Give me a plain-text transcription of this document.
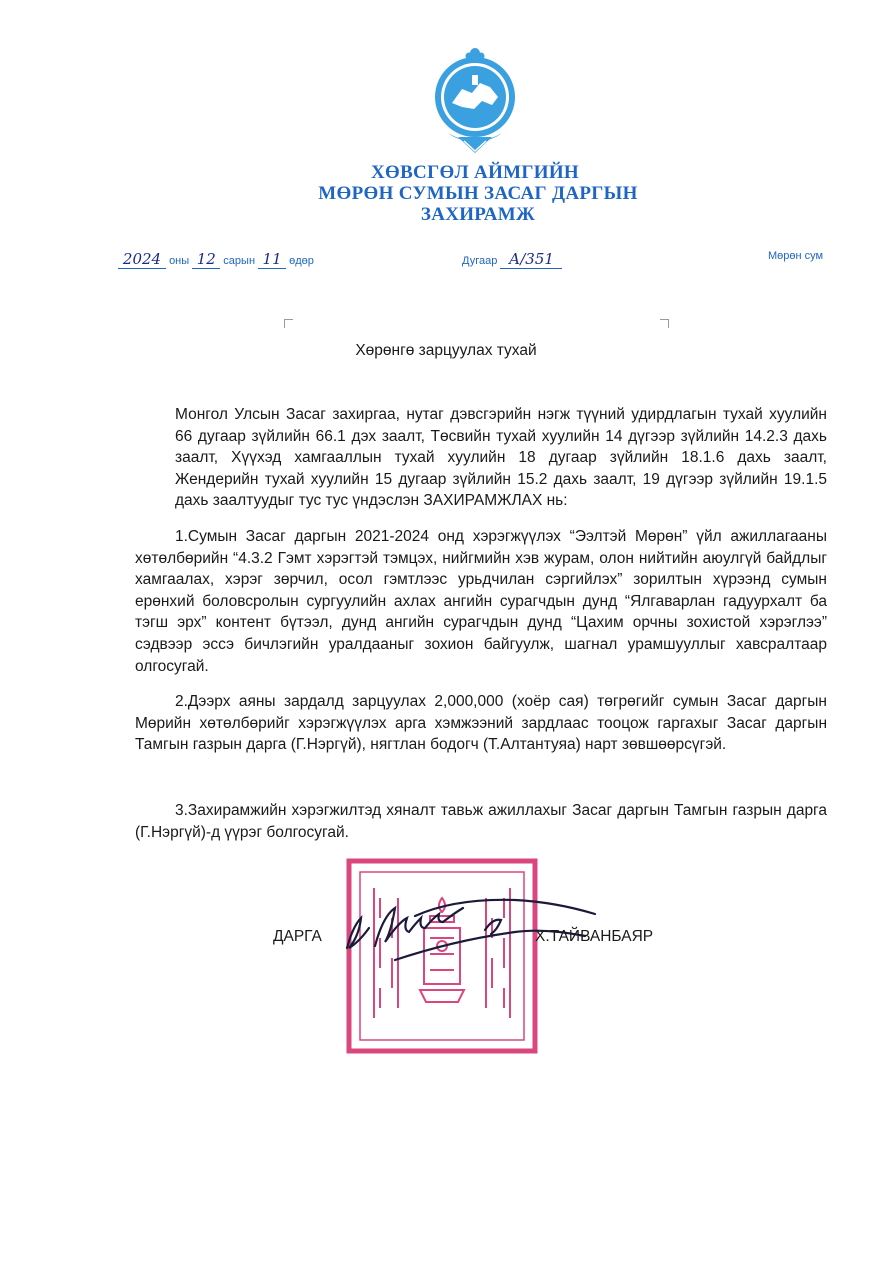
ХӨВСГӨЛ АЙМГИЙН
МӨРӨН СУМЫН ЗАСАГ ДАРГЫН
ЗАХИРАМЖ
2024 оны 12 сарын 11 өдөр	Дугаар А/351	Мөрөн сум
Хөрөнгө зарцуулах тухай

Монгол Улсын Засаг захиргаа, нутаг дэвсгэрийн нэгж түүний удирдлагын тухай хуулийн 66 дугаар зүйлийн 66.1 дэх заалт, Төсвийн тухай хуулийн 14 дүгээр зүйлийн 14.2.3 дахь заалт, Хүүхэд хамгааллын тухай хуулийн 18 дугаар зүйлийн 18.1.6 дахь заалт, Жендерийн тухай хуулийн 15 дугаар зүйлийн 15.2 дахь заалт, 19 дүгээр зүйлийн 19.1.5 дахь заалтуудыг тус тус үндэслэн ЗАХИРАМЖЛАХ нь:

1.Сумын Засаг даргын 2021-2024 онд хэрэгжүүлэх “Ээлтэй Мөрөн” үйл ажиллагааны хөтөлбөрийн “4.3.2 Гэмт хэрэгтэй тэмцэх, нийгмийн хэв журам, олон нийтийн аюулгүй байдлыг хамгаалах, хэрэг зөрчил, осол гэмтлээс урьдчилан сэргийлэх” зорилтын хүрээнд сумын ерөнхий боловсролын сургуулийн ахлах ангийн сурагчдын дунд “Ялгаварлан гадуурхалт ба тэгш эрх” контент бүтээл, дунд ангийн сурагчдын дунд “Цахим орчны зохистой хэрэглээ” сэдвээр эссэ бичлэгийн уралдааныг зохион байгуулж, шагнал урамшууллыг хавсралтаар олгосугай.

2.Дээрх аяны зардалд зарцуулах 2,000,000 (хоёр сая) төгрөгийг сумын Засаг даргын Мөрийн хөтөлбөрийг хэрэгжүүлэх арга хэмжээний зардлаас тооцож гаргахыг Засаг даргын Тамгын газрын дарга (Г.Нэргүй), нягтлан бодогч (Т.Алтантуяа) нарт зөвшөөрсүгэй.

3.Захирамжийн хэрэгжилтэд хяналт тавьж ажиллахыг Засаг даргын Тамгын газрын дарга (Г.Нэргүй)-д үүрэг болгосугай.

ДАРГА	Х.ТАЙВАНБАЯР
